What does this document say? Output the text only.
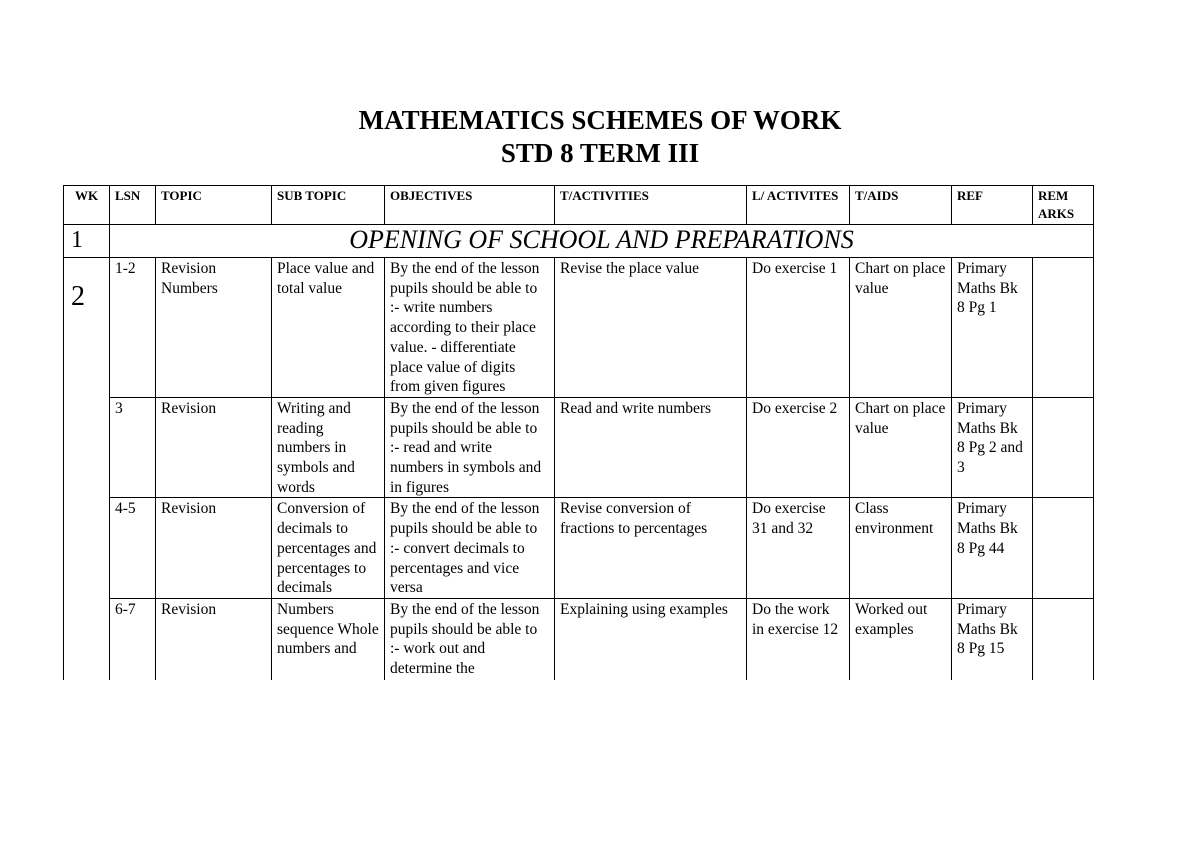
MATHEMATICS SCHEMES OF WORK
STD 8 TERM III
WK	LSN	TOPIC	SUB TOPIC	OBJECTIVES	T/ACTIVITIES	L/ ACTIVITES	T/AIDS	REF	REM ARKS
1	OPENING OF SCHOOL AND PREPARATIONS								
2	1-2	Revision Numbers	Place value and total value	By the end of the lesson pupils should be able to :- write numbers according to their place value. - differentiate place value of digits from given figures	Revise the place value	Do exercise 1	Chart on place value	Primary Maths Bk 8 Pg 1	
	3	Revision	Writing and reading numbers in symbols and words	By the end of the lesson pupils should be able to :- read and write numbers in symbols and in figures	Read and write numbers	Do exercise 2	Chart on place value	Primary Maths Bk 8 Pg 2 and 3	
	4-5	Revision	Conversion of decimals to percentages and percentages to decimals	By the end of the lesson pupils should be able to :- convert decimals to percentages and vice versa	Revise conversion of fractions to percentages	Do exercise 31 and 32	Class environment	Primary Maths Bk 8 Pg 44	
	6-7	Revision	Numbers sequence Whole numbers and	By the end of the lesson pupils should be able to :- work out and determine the	Explaining using examples	Do the work in exercise 12	Worked out examples	Primary Maths Bk 8 Pg 15	
